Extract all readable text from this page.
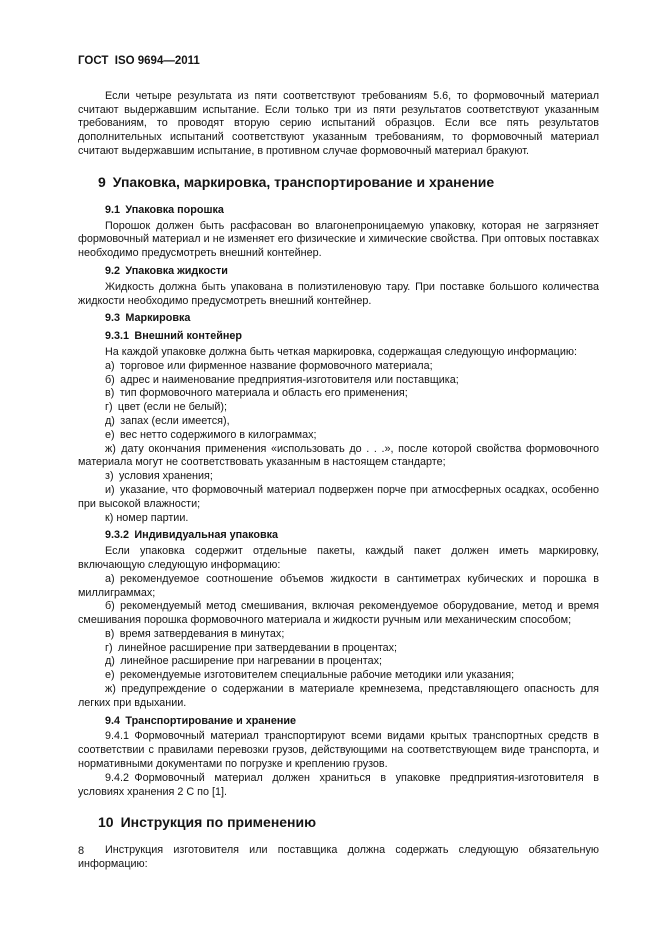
ГОСТ  ISO 9694—2011

Если четыре результата из пяти соответствуют требованиям 5.6, то формовочный материал считают выдержавшим испытание. Если только три из пяти результатов соответствуют указанным требованиям, то проводят вторую серию испытаний образцов. Если все пять результатов дополнительных испытаний соответствуют указанным требованиям, то формовочный материал считают выдержавшим испытание, в противном случае формовочный материал бракуют.

9 Упаковка, маркировка, транспортирование и хранение
9.1 Упаковка порошка

Порошок должен быть расфасован во влагонепроницаемую упаковку, которая не загрязняет формовочный материал и не изменяет его физические и химические свойства. При оптовых поставках необходимо предусмотреть внешний контейнер.

9.2 Упаковка жидкости

Жидкость должна быть упакована в полиэтиленовую тару. При поставке большого количества жидкости необходимо предусмотреть внешний контейнер.

9.3 Маркировка
9.3.1 Внешний контейнер

На каждой упаковке должна быть четкая маркировка, содержащая следующую информацию:

а) торговое или фирменное название формовочного материала;

б) адрес и наименование предприятия-изготовителя или поставщика;

в) тип формовочного материала и область его применения;

г) цвет (если не белый);

д) запах (если имеется),

е) вес нетто содержимого в килограммах;

ж) дату окончания применения «использовать до . . .», после которой свойства формовочного материала могут не соответствовать указанным в настоящем стандарте;

з) условия хранения;

и) указание, что формовочный материал подвержен порче при атмосферных осадках, особенно при высокой влажности;

к) номер партии.

9.3.2 Индивидуальная упаковка

Если упаковка содержит отдельные пакеты, каждый пакет должен иметь маркировку, включающую следующую информацию:

а) рекомендуемое соотношение объемов жидкости в сантиметрах кубических и порошка в миллиграммах;

б) рекомендуемый метод смешивания, включая рекомендуемое оборудование, метод и время смешивания порошка формовочного материала и жидкости ручным или механическим способом;

в) время затвердевания в минутах;

г) линейное расширение при затвердевании в процентах;

д) линейное расширение при нагревании в процентах;

е) рекомендуемые изготовителем специальные рабочие методики или указания;

ж) предупреждение о содержании в материале кремнезема, представляющего опасность для легких при вдыхании.

9.4 Транспортирование и хранение

9.4.1 Формовочный материал транспортируют всеми видами крытых транспортных средств в соответствии с правилами перевозки грузов, действующими на соответствующем виде транспорта, и нормативными документами по погрузке и креплению грузов.

9.4.2 Формовочный материал должен храниться в упаковке предприятия-изготовителя в условиях хранения 2 С по [1].

10 Инструкция по применению

Инструкция изготовителя или поставщика должна содержать следующую обязательную информацию:

8
